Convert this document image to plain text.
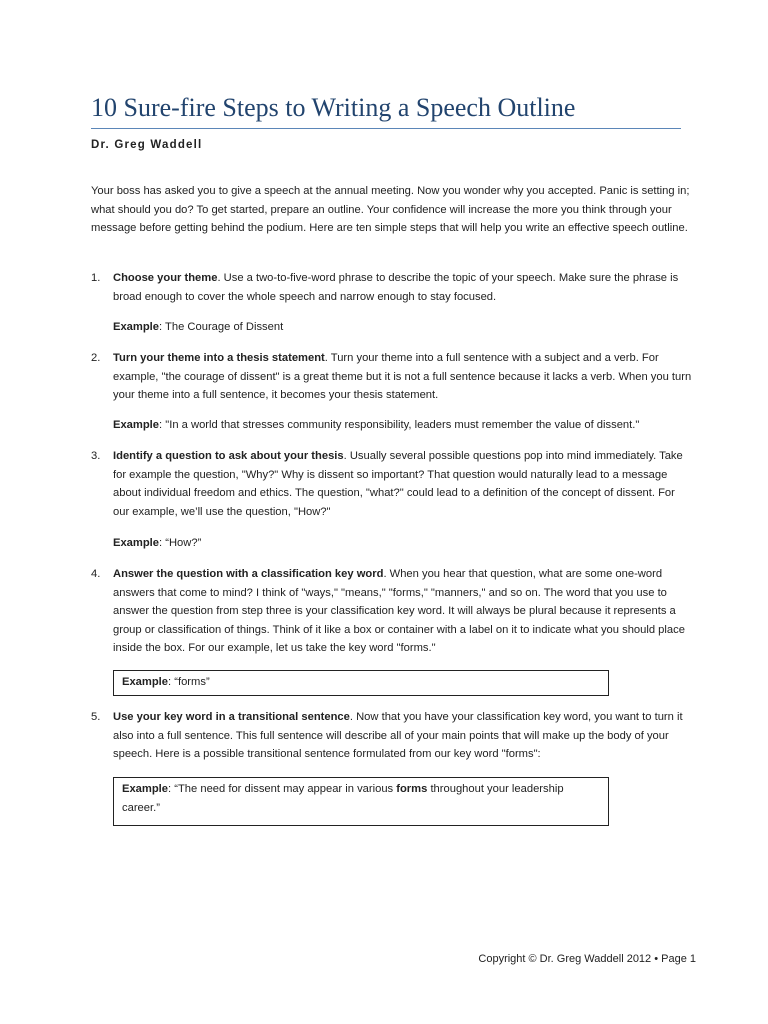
10 Sure-fire Steps to Writing a Speech Outline
Dr. Greg Waddell
Your boss has asked you to give a speech at the annual meeting. Now you wonder why you accepted. Panic is setting in; what should you do? To get started, prepare an outline. Your confidence will increase the more you think through your message before getting behind the podium. Here are ten simple steps that will help you write an effective speech outline.
1. Choose your theme. Use a two-to-five-word phrase to describe the topic of your speech. Make sure the phrase is broad enough to cover the whole speech and narrow enough to stay focused.
Example: The Courage of Dissent
2. Turn your theme into a thesis statement. Turn your theme into a full sentence with a subject and a verb. For example, "the courage of dissent" is a great theme but it is not a full sentence because it lacks a verb. When you turn your theme into a full sentence, it becomes your thesis statement.
Example: "In a world that stresses community responsibility, leaders must remember the value of dissent."
3. Identify a question to ask about your thesis. Usually several possible questions pop into mind immediately. Take for example the question, "Why?" Why is dissent so important? That question would naturally lead to a message about individual freedom and ethics. The question, "what?" could lead to a definition of the concept of dissent. For our example, we’ll use the question, "How?"
Example: “How?”
4. Answer the question with a classification key word. When you hear that question, what are some one-word answers that come to mind? I think of "ways," "means," "forms," "manners," and so on. The word that you use to answer the question from step three is your classification key word. It will always be plural because it represents a group or classification of things. Think of it like a box or container with a label on it to indicate what you should place inside the box. For our example, let us take the key word "forms."
Example: “forms”
5. Use your key word in a transitional sentence. Now that you have your classification key word, you want to turn it also into a full sentence. This full sentence will describe all of your main points that will make up the body of your speech. Here is a possible transitional sentence formulated from our key word "forms":
Example: “The need for dissent may appear in various forms throughout your leadership career.”
Copyright © Dr. Greg Waddell 2012 • Page 1
